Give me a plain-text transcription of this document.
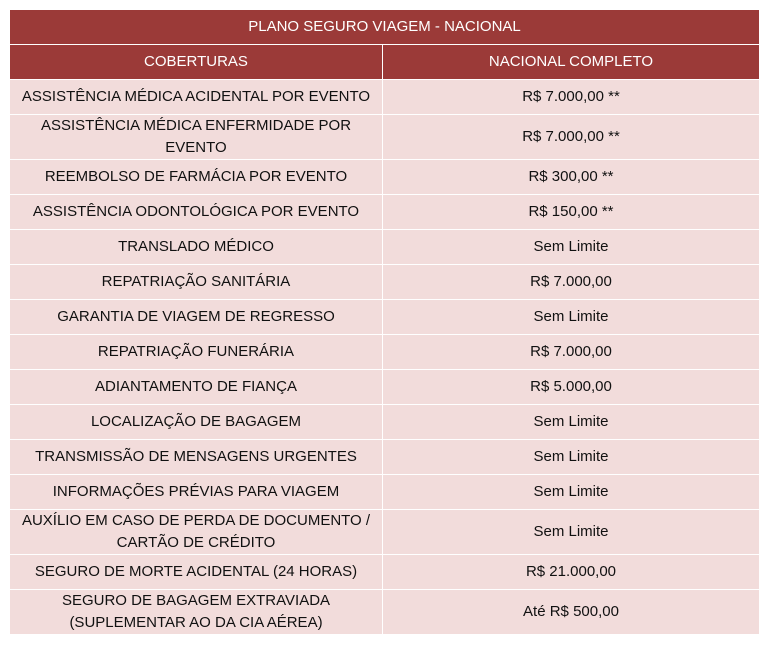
PLANO SEGURO VIAGEM - NACIONAL	
COBERTURAS	NACIONAL COMPLETO
ASSISTÊNCIA MÉDICA ACIDENTAL POR EVENTO	R$ 7.000,00 **
ASSISTÊNCIA MÉDICA ENFERMIDADE POR EVENTO	R$ 7.000,00 **
REEMBOLSO DE FARMÁCIA POR EVENTO	R$ 300,00 **
ASSISTÊNCIA ODONTOLÓGICA POR EVENTO	R$ 150,00 **
TRANSLADO MÉDICO	Sem Limite
REPATRIAÇÃO SANITÁRIA	R$ 7.000,00
GARANTIA DE VIAGEM DE REGRESSO	Sem Limite
REPATRIAÇÃO FUNERÁRIA	R$ 7.000,00
ADIANTAMENTO DE FIANÇA	R$ 5.000,00
LOCALIZAÇÃO DE BAGAGEM	Sem Limite
TRANSMISSÃO DE MENSAGENS URGENTES	Sem Limite
INFORMAÇÕES PRÉVIAS PARA VIAGEM	Sem Limite
AUXÍLIO EM CASO DE PERDA DE DOCUMENTO /
CARTÃO DE CRÉDITO	Sem Limite
SEGURO DE MORTE ACIDENTAL (24 HORAS)	R$ 21.000,00
SEGURO DE BAGAGEM EXTRAVIADA
(SUPLEMENTAR AO DA CIA AÉREA)	Até R$ 500,00
